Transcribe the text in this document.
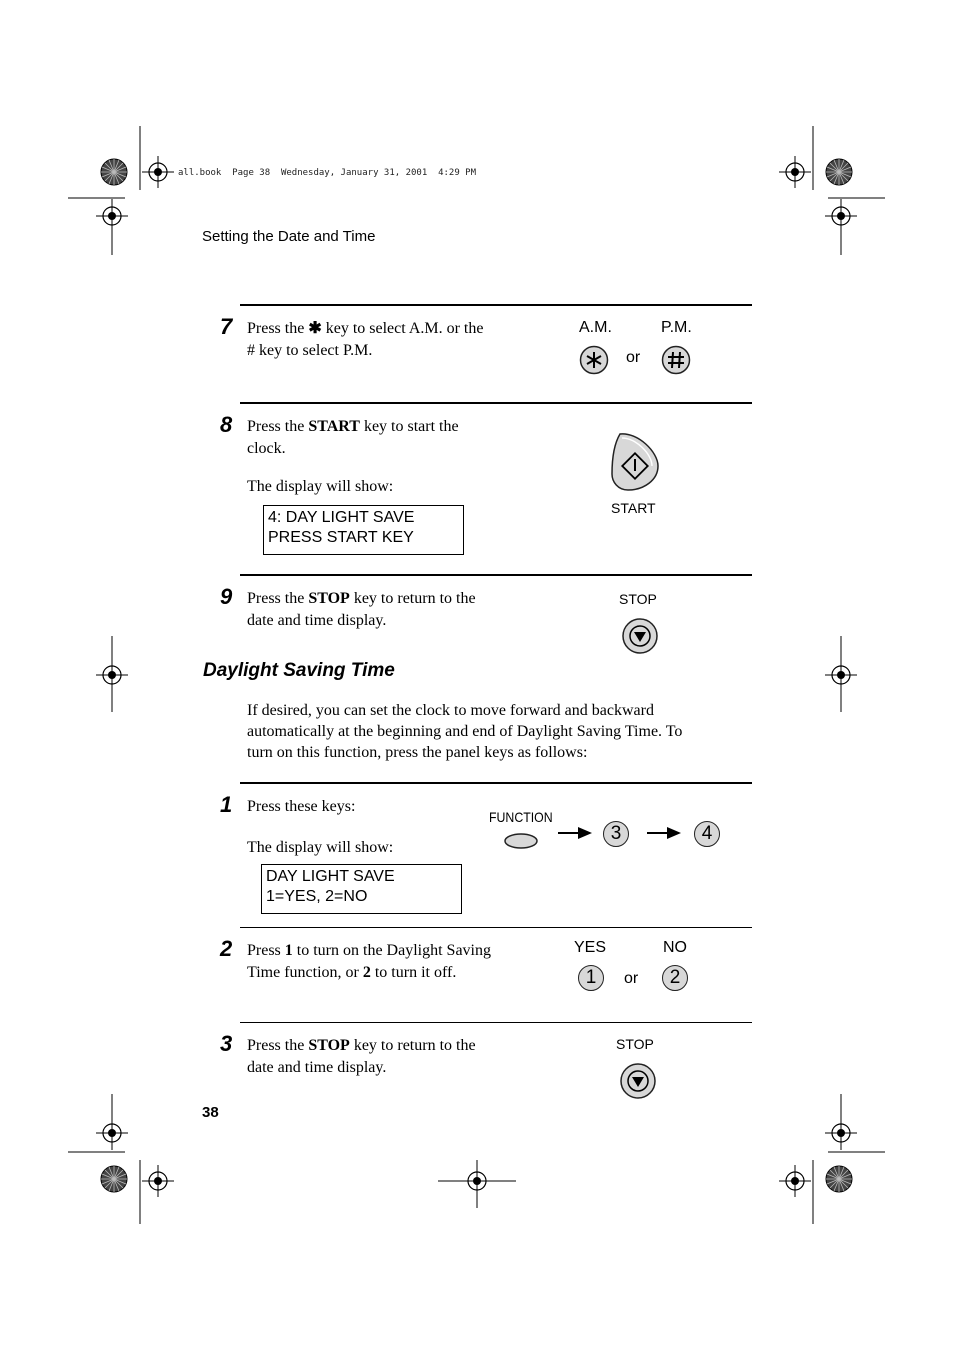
all.book  Page 38  Wednesday, January 31, 2001  4:29 PM
Setting the Date and Time
7 Press the ✱ key to select A.M. or the
# key to select P.M.
A.M.	P.M.
or
8 Press the START key to start the
clock.
The display will show:
4: DAY LIGHT SAVE
PRESS START KEY
START
9 Press the STOP key to return to the
date and time display.
STOP
Daylight Saving Time
If desired, you can set the clock to move forward and backward
automatically at the beginning and end of Daylight Saving Time. To
turn on this function, press the panel keys as follows:
1 Press these keys:
The display will show:
DAY LIGHT SAVE
1=YES, 2=NO
FUNCTION
3	4
2 Press 1 to turn on the Daylight Saving
Time function, or 2 to turn it off.
YES	NO
1	or	2
3 Press the STOP key to return to the
date and time display.
STOP
38
